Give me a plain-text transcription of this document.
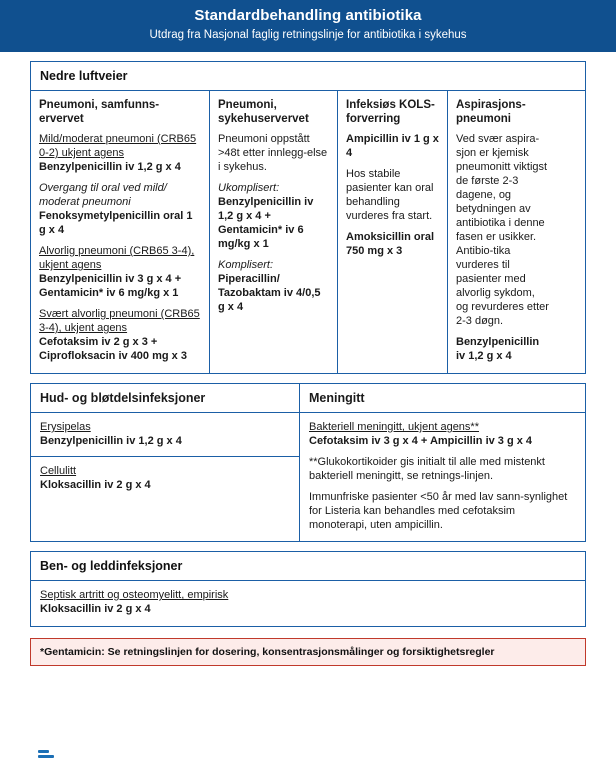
Standardbehandling antibiotika
Utdrag fra Nasjonal faglig retningslinje for antibiotika i sykehus
Nedre luftveier
Pneumoni, samfunns-ervervet
Mild/moderat pneumoni (CRB65 0-2) ukjent agens
Benzylpenicillin iv 1,2 g x 4
Overgang til oral ved mild/ moderat pneumoni
Fenoksymetylpenicillin oral 1 g x 4
Alvorlig pneumoni (CRB65 3-4), ukjent agens
Benzylpenicillin iv 3 g x 4 + Gentamicin* iv 6 mg/kg x 1
Svært alvorlig pneumoni (CRB65 3-4), ukjent agens
Cefotaksim iv 2 g x 3 + Ciprofloksacin iv 400 mg x 3
Pneumoni, sykehuservervet
Pneumoni oppstått >48t etter innlegg-else i sykehus.
Ukomplisert:
Benzylpenicillin iv 1,2 g x 4 + Gentamicin* iv 6 mg/kg x 1
Komplisert:
Piperacillin/ Tazobaktam iv 4/0,5 g x 4
Infeksiøs KOLS-forverring
Ampicillin iv 1 g x 4
Hos stabile pasienter kan oral behandling vurderes fra start.
Amoksicillin oral 750 mg x 3
Aspirasjons-pneumoni
Ved svær aspira-sjon er kjemisk pneumonitt viktigst de første 2-3 dagene, og betydningen av antibiotika i denne fasen er usikker. Antibio-tika vurderes til pasienter med alvorlig sykdom, og revurderes etter 2-3 døgn.
Benzylpenicillin iv 1,2 g x 4
Hud- og bløtdelsinfeksjoner	Meningitt
Erysipelas
Benzylpenicillin iv 1,2 g x 4
Cellulitt
Kloksacillin iv 2 g x 4
Bakteriell meningitt, ukjent agens**
Cefotaksim iv 3 g x 4 + Ampicillin iv 3 g x 4
**Glukokortikoider gis initialt til alle med mistenkt bakteriell meningitt, se retnings-linjen.
Immunfriske pasienter <50 år med lav sann-synlighet for Listeria kan behandles med cefotaksim monoterapi, uten ampicillin.
Ben- og leddinfeksjoner
Septisk artritt og osteomyelitt, empirisk
Kloksacillin iv 2 g x 4
*Gentamicin: Se retningslinjen for dosering, konsentrasjonsmålinger og forsiktighetsregler
